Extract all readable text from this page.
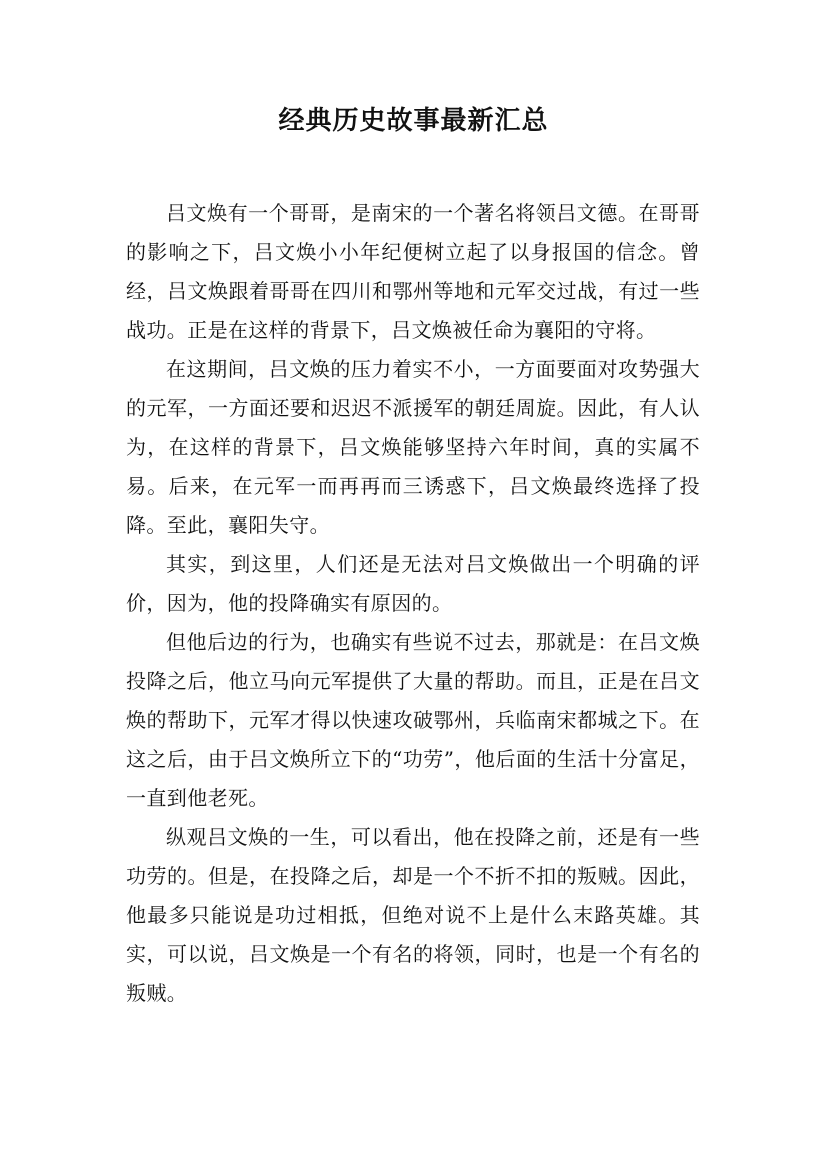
经典历史故事最新汇总

吕文焕有一个哥哥，是南宋的一个著名将领吕文德。在哥哥的影响之下，吕文焕小小年纪便树立起了以身报国的信念。曾经，吕文焕跟着哥哥在四川和鄂州等地和元军交过战，有过一些战功。正是在这样的背景下，吕文焕被任命为襄阳的守将。

在这期间，吕文焕的压力着实不小，一方面要面对攻势强大的元军，一方面还要和迟迟不派援军的朝廷周旋。因此，有人认为，在这样的背景下，吕文焕能够坚持六年时间，真的实属不易。后来，在元军一而再再而三诱惑下，吕文焕最终选择了投降。至此，襄阳失守。

其实，到这里，人们还是无法对吕文焕做出一个明确的评价，因为，他的投降确实有原因的。

但他后边的行为，也确实有些说不过去，那就是：在吕文焕投降之后，他立马向元军提供了大量的帮助。而且，正是在吕文焕的帮助下，元军才得以快速攻破鄂州，兵临南宋都城之下。在这之后，由于吕文焕所立下的“功劳”，他后面的生活十分富足，一直到他老死。

纵观吕文焕的一生，可以看出，他在投降之前，还是有一些功劳的。但是，在投降之后，却是一个不折不扣的叛贼。因此，他最多只能说是功过相抵，但绝对说不上是什么末路英雄。其实，可以说，吕文焕是一个有名的将领，同时，也是一个有名的叛贼。
